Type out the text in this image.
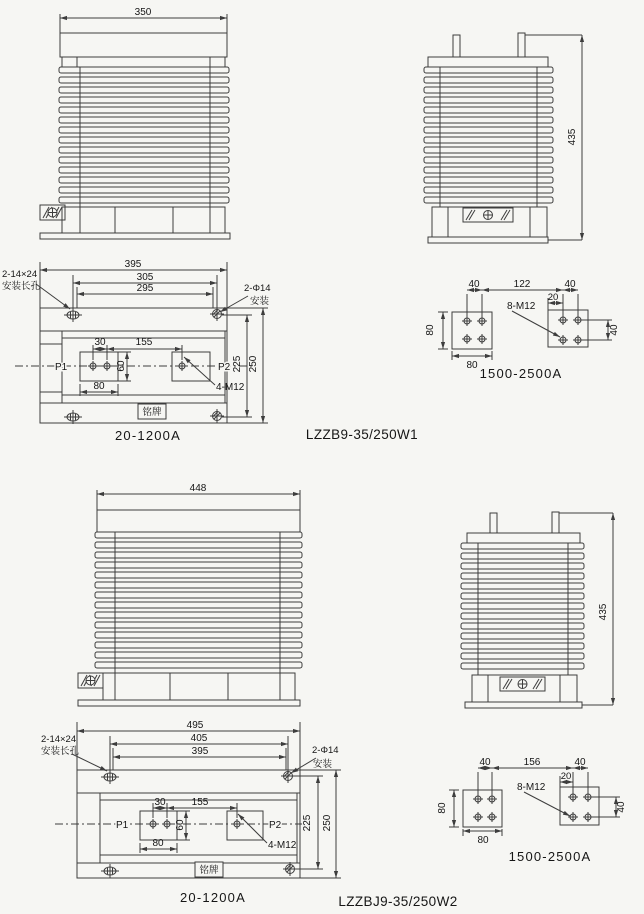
350
435
395
305
295
2-14×24
安装长孔	2-Φ14
安装
30	155
P1	P2
60
80
225 250
4-M12
铭牌
20-1200A
40	122	40
20
8-M12
80
80
40
1500-2500A
LZZB9-35/250W1
448
435
495
405
395
2-14×24
安装长孔	2-Φ14
安装
30	155
P1	P2
60
80
225 250
4-M12
铭牌
20-1200A
40	156	40
20
8-M12
80
80
40
1500-2500A
LZZBJ9-35/250W2
